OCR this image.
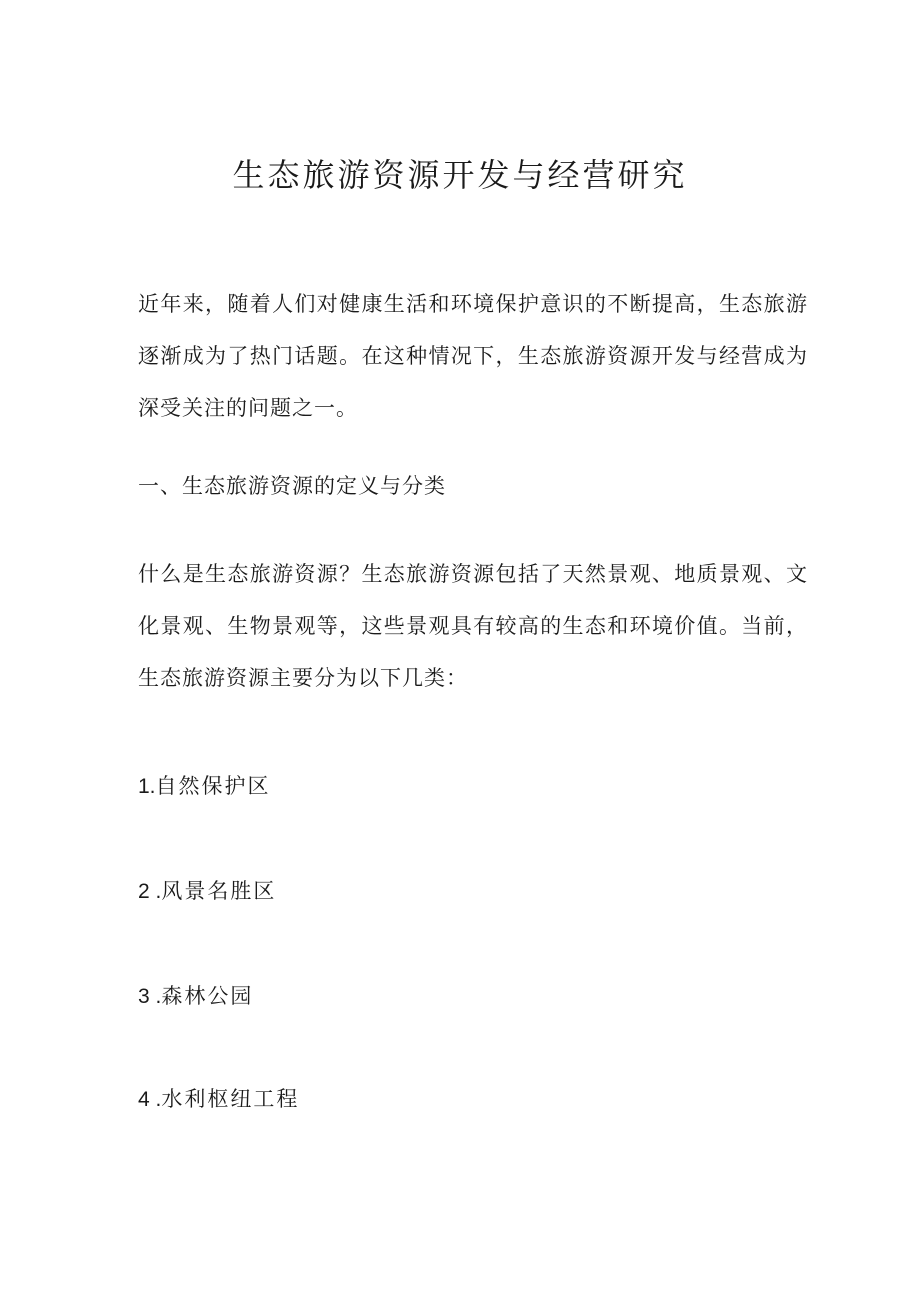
生态旅游资源开发与经营研究

近年来，随着人们对健康生活和环境保护意识的不断提高，生态旅游逐渐成为了热门话题。在这种情况下，生态旅游资源开发与经营成为深受关注的问题之一。

一、生态旅游资源的定义与分类

什么是生态旅游资源？生态旅游资源包括了天然景观、地质景观、文化景观、生物景观等，这些景观具有较高的生态和环境价值。当前，生态旅游资源主要分为以下几类：

1.自然保护区

2 .风景名胜区

3 .森林公园

4 .水利枢纽工程
